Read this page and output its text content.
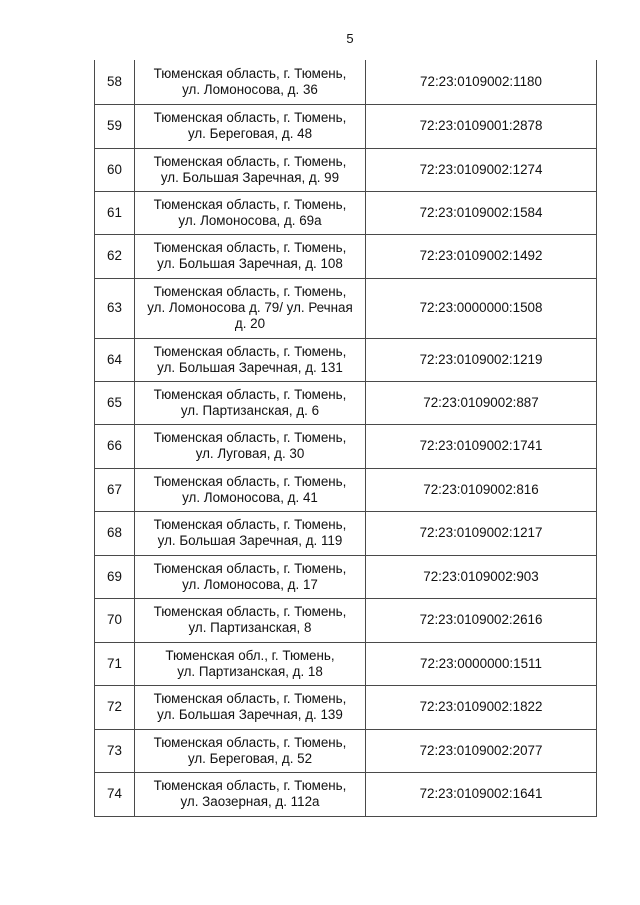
5
58	Тюменская область, г. Тюмень,
ул. Ломоносова, д. 36	72:23:0109002:1180
59	Тюменская область, г. Тюмень,
ул. Береговая, д. 48	72:23:0109001:2878
60	Тюменская область, г. Тюмень,
ул. Большая Заречная, д. 99	72:23:0109002:1274
61	Тюменская область, г. Тюмень,
ул. Ломоносова, д. 69а	72:23:0109002:1584
62	Тюменская область, г. Тюмень,
ул. Большая Заречная, д. 108	72:23:0109002:1492
63	Тюменская область, г. Тюмень,
ул. Ломоносова д. 79/ ул. Речная
д. 20	72:23:0000000:1508
64	Тюменская область, г. Тюмень,
ул. Большая Заречная, д. 131	72:23:0109002:1219
65	Тюменская область, г. Тюмень,
ул. Партизанская, д. 6	72:23:0109002:887
66	Тюменская область, г. Тюмень,
ул. Луговая, д. 30	72:23:0109002:1741
67	Тюменская область, г. Тюмень,
ул. Ломоносова, д. 41	72:23:0109002:816
68	Тюменская область, г. Тюмень,
ул. Большая Заречная, д. 119	72:23:0109002:1217
69	Тюменская область, г. Тюмень,
ул. Ломоносова, д. 17	72:23:0109002:903
70	Тюменская область, г. Тюмень,
ул. Партизанская, 8	72:23:0109002:2616
71	Тюменская обл., г. Тюмень,
ул. Партизанская, д. 18	72:23:0000000:1511
72	Тюменская область, г. Тюмень,
ул. Большая Заречная, д. 139	72:23:0109002:1822
73	Тюменская область, г. Тюмень,
ул. Береговая, д. 52	72:23:0109002:2077
74	Тюменская область, г. Тюмень,
ул. Заозерная, д. 112а	72:23:0109002:1641
